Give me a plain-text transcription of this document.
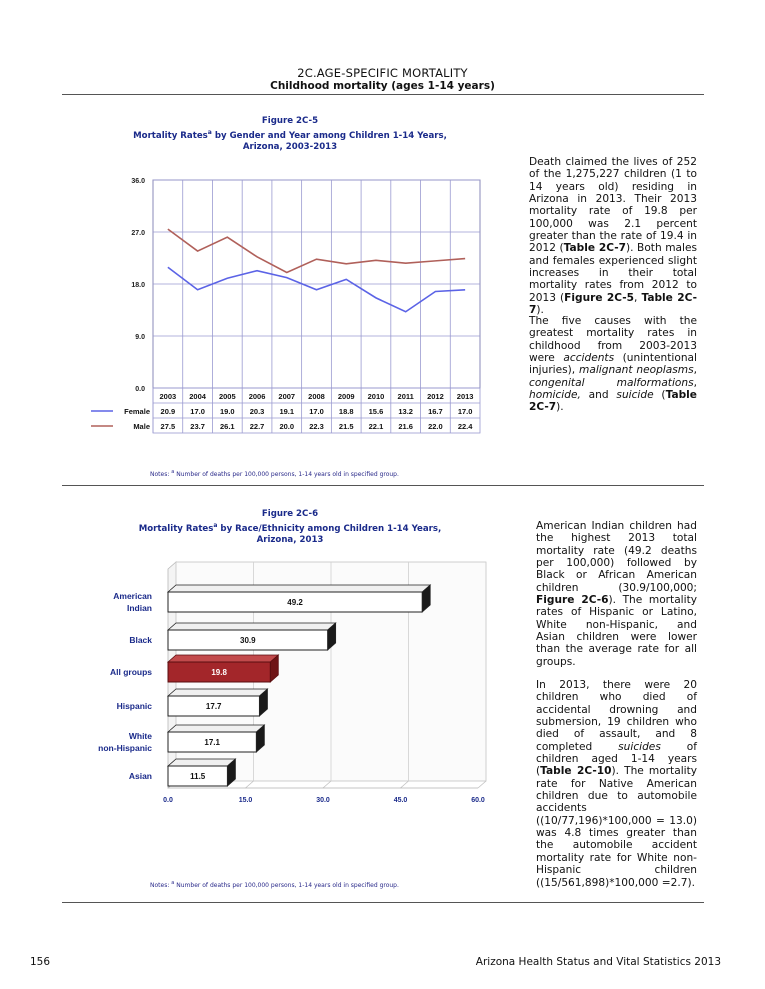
2C.AGE-SPECIFIC MORTALITY
Childhood mortality (ages 1-14 years)
Figure 2C-5
Mortality Rates$^a$ by Gender and Year among Children 1-14 Years,
Arizona, 2003-2013
0.0
9.0
18.0
27.0
36.0
2003 2004 2005 2006 2007 2008 2009 2010 2011 2012 2013
Female 20.9 17.0 19.0 20.3 19.1 17.0 18.8 15.6 13.2 16.7 17.0
Male 27.5 23.7 26.1 22.7 20.0 22.3 21.5 22.1 21.6 22.0 22.4
Notes: $^a$ Number of deaths per 100,000 persons, 1-14 years old in specified group.
Death claimed the lives of 252 of the 1,275,227 children (1 to 14 years old) residing in Arizona in 2013. Their 2013 mortality rate of 19.8 per 100,000 was 2.1 percent greater than the rate of 19.4 in 2012 (Table 2C-7). Both males and females experienced slight increases in their total mortality rates from 2012 to 2013 (Figure 2C-5, Table 2C-7).
The five causes with the greatest mortality rates in childhood from 2003-2013 were accidents (unintentional injuries), malignant neoplasms, congenital malformations, homicide, and suicide (Table 2C-7).
Figure 2C-6
Mortality Rates$^a$ by Race/Ethnicity among Children 1-14 Years,
Arizona, 2013
0.0	15.0	30.0	45.0	60.0
49.2
American
Indian
30.9
Black
19.8
All groups
17.7
Hispanic
17.1
White
non-Hispanic
11.5
Asian
Notes: $^a$ Number of deaths per 100,000 persons, 1-14 years old in specified group.
American Indian children had the highest 2013 total mortality rate (49.2 deaths per 100,000) followed by Black or African American children (30.9/100,000; Figure 2C-6). The mortality rates of Hispanic or Latino, White non-Hispanic, and Asian children were lower than the average rate for all groups.
In 2013, there were 20 children who died of accidental drowning and submersion, 19 children who died of assault, and 8 completed suicides of children aged 1-14 years (Table 2C-10). The mortality rate for Native American children due to automobile accidents ((10/77,196)*100,000 = 13.0) was 4.8 times greater than the automobile accident mortality rate for White non-Hispanic children ((15/561,898)*100,000 =2.7).
156	Arizona Health Status and Vital Statistics 2013
